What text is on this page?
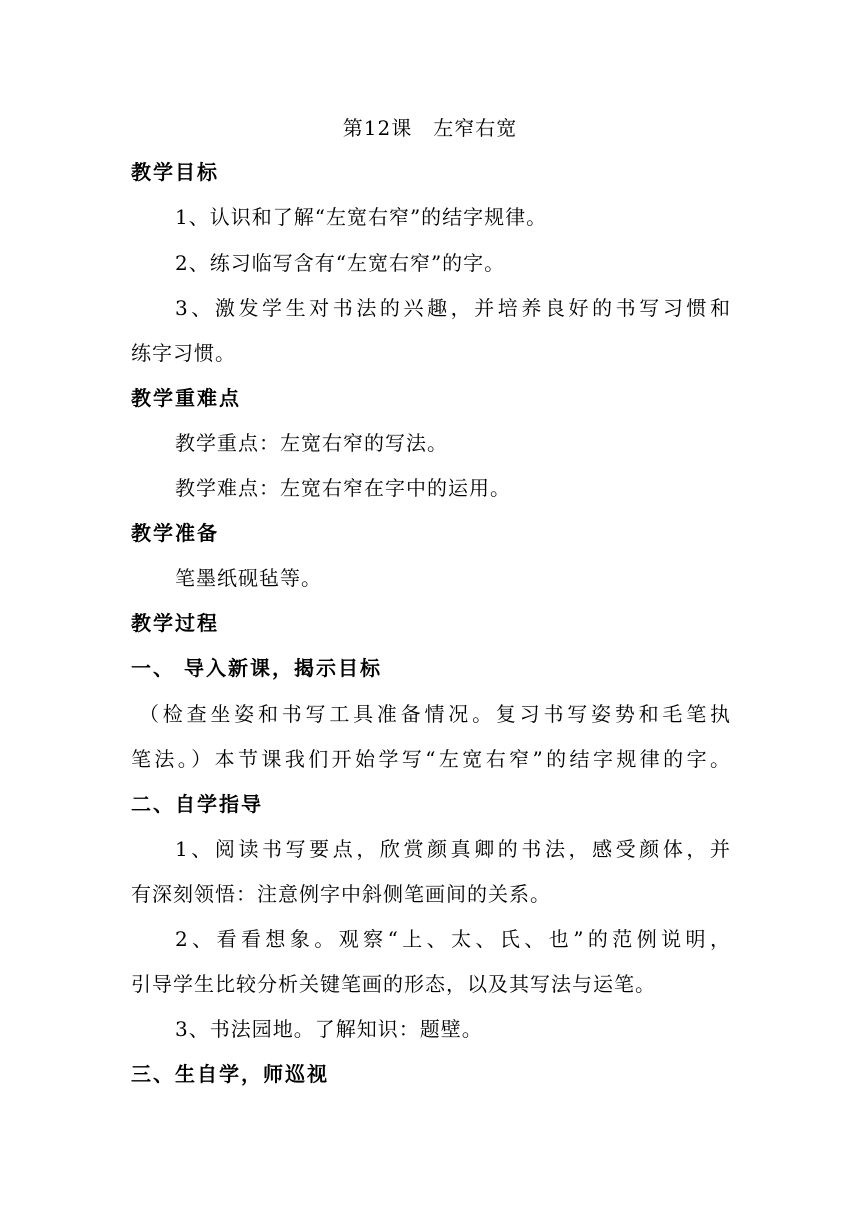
第12课　左窄右宽
教学目标
1、认识和了解“左宽右窄”的结字规律。
2、练习临写含有“左宽右窄”的字。
3、激发学生对书法的兴趣，并培养良好的书写习惯和
练字习惯。
教学重难点
教学重点：左宽右窄的写法。
教学难点：左宽右窄在字中的运用。
教学准备
笔墨纸砚毡等。
教学过程
一、 导入新课，揭示目标
（检查坐姿和书写工具准备情况。复习书写姿势和毛笔执
笔法。）本节课我们开始学写“左宽右窄”的结字规律的字。
二、自学指导
1、阅读书写要点，欣赏颜真卿的书法，感受颜体，并
有深刻领悟：注意例字中斜侧笔画间的关系。
2、看看想象。观察“上、太、氏、也”的范例说明，
引导学生比较分析关键笔画的形态，以及其写法与运笔。
3、书法园地。了解知识：题壁。
三、生自学，师巡视
